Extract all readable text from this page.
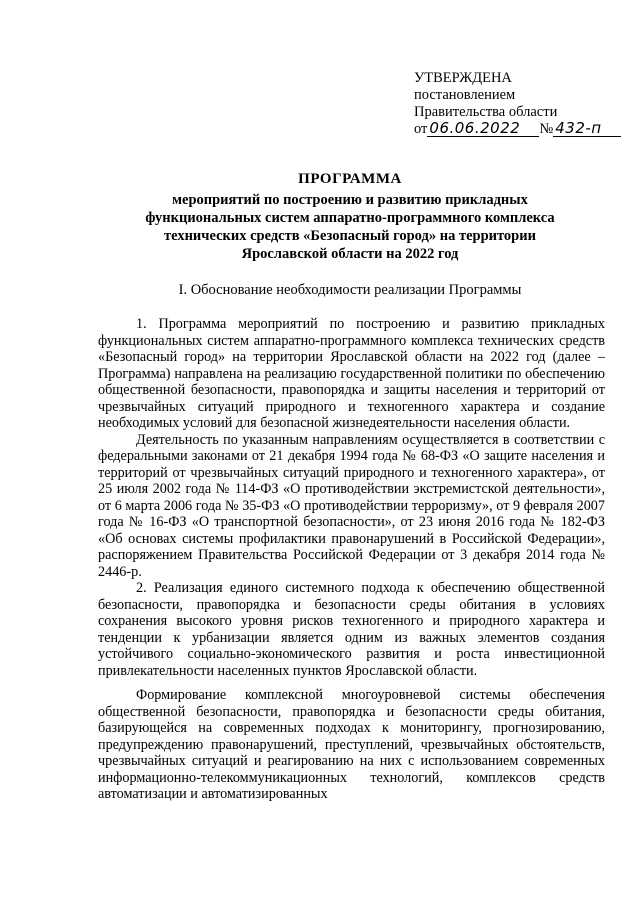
УТВЕРЖДЕНА
постановлением
Правительства области
от 06.06.2022 № 432-п
ПРОГРАММА
мероприятий по построению и развитию прикладных
функциональных систем аппаратно-программного комплекса
технических средств «Безопасный город» на территории
Ярославской области на 2022 год
I. Обоснование необходимости реализации Программы

1. Программа мероприятий по построению и развитию прикладных функциональных систем аппаратно-программного комплекса технических средств «Безопасный город» на территории Ярославской области на 2022 год (далее – Программа) направлена на реализацию государственной политики по обеспечению общественной безопасности, правопорядка и защиты населения и территорий от чрезвычайных ситуаций природного и техногенного характера и создание необходимых условий для безопасной жизнедеятельности населения области.

Деятельность по указанным направлениям осуществляется в соответствии с федеральными законами от 21 декабря 1994 года № 68-ФЗ «О защите населения и территорий от чрезвычайных ситуаций природного и техногенного характера», от 25 июля 2002 года № 114-ФЗ «О противодействии экстремистской деятельности», от 6 марта 2006 года № 35-ФЗ «О противодействии терроризму», от 9 февраля 2007 года № 16-ФЗ «О транспортной безопасности», от 23 июня 2016 года № 182-ФЗ «Об основах системы профилактики правонарушений в Российской Федерации», распоряжением Правительства Российской Федерации от 3 декабря 2014 года № 2446-р.

2. Реализация единого системного подхода к обеспечению общественной безопасности, правопорядка и безопасности среды обитания в условиях сохранения высокого уровня рисков техногенного и природного характера и тенденции к урбанизации является одним из важных элементов создания устойчивого социально-экономического развития и роста инвестиционной привлекательности населенных пунктов Ярославской области.

Формирование комплексной многоуровневой системы обеспечения общественной безопасности, правопорядка и безопасности среды обитания, базирующейся на современных подходах к мониторингу, прогнозированию, предупреждению правонарушений, преступлений, чрезвычайных обстоятельств, чрезвычайных ситуаций и реагированию на них с использованием современных информационно-телекоммуникационных технологий, комплексов средств автоматизации и автоматизированных
